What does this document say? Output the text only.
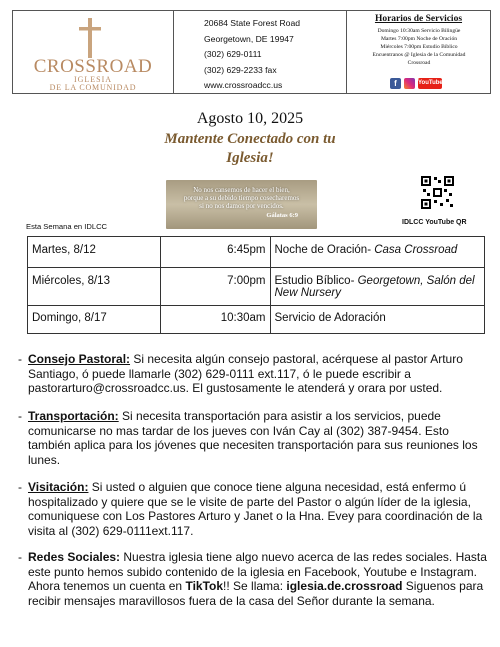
CROSSROAD
IGLESIA
DE LA COMUNIDAD
20684 State Forest Road
Georgetown, DE 19947
(302) 629-0111
(302) 629-2233 fax
www.crossroadcc.us
Horarios de Servicios
Domingo 10:30am Servicio Bilingüe
Martes 7:00pm Noche de Oración
Miércoles 7:00pm Estudio Bíblico
Encuentranos @ Iglesia de la Comunidad
Crossroad
f	YouTube
Agosto 10, 2025
Mantente Conectado con tu
Iglesia!
No nos cansemos de hacer el bien,
porque a su debido tiempo cosecharemos
si no nos damos por vencidos.
Gálatas 6:9
IDLCC YouTube QR
Esta Semana en IDLCC
Martes, 8/12	6:45pm	Noche de Oración- Casa Crossroad
Miércoles, 8/13	7:00pm	Estudio Bíblico- Georgetown, Salón del New Nursery
Domingo, 8/17	10:30am	Servicio de Adoración
- Consejo Pastoral: Si necesita algún consejo pastoral, acérquese al pastor Arturo Santiago, ó puede llamarle (302) 629-0111 ext.117, ó le puede escribir a pastorarturo@crossroadcc.us. El gustosamente le atenderá y orara por usted.

- Transportación: Si necesita transportación para asistir a los servicios, puede comunicarse no mas tardar de los jueves con Iván Cay al (302) 387-9454. Esto también aplica para los jóvenes que necesiten transportación para sus reuniones los lunes.

- Visitación: Si usted o alguien que conoce tiene alguna necesidad, está enfermo ú hospitalizado y quiere que se le visite de parte del Pastor o algún líder de la iglesia, comuniquese con Los Pastores Arturo y Janet o la Hna. Evey para coordinación de la visita al (302) 629-0111ext.117.

- Redes Sociales: Nuestra iglesia tiene algo nuevo acerca de las redes sociales. Hasta este punto hemos subido contenido de la iglesia en Facebook, Youtube e Instagram. Ahora tenemos un cuenta en TikTok!! Se llama: iglesia.de.crossroad Siguenos para recibir mensajes maravillosos fuera de la casa del Señor durante la semana.
